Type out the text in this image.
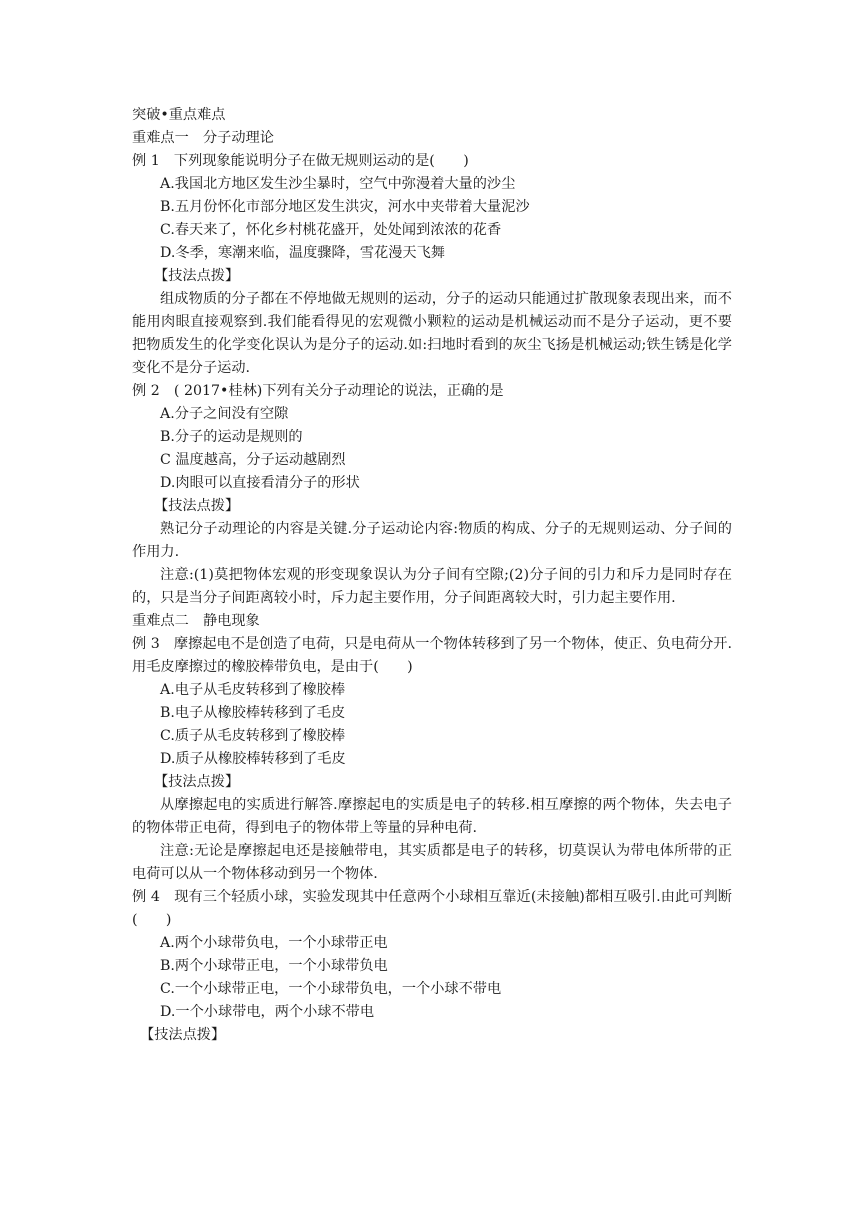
突破•重点难点
重难点一　分子动理论
例 1　下列现象能说明分子在做无规则运动的是(　　)
A.我国北方地区发生沙尘暴时，空气中弥漫着大量的沙尘
B.五月份怀化市部分地区发生洪灾，河水中夹带着大量泥沙
C.春天来了，怀化乡村桃花盛开，处处闻到浓浓的花香
D.冬季，寒潮来临，温度骤降，雪花漫天飞舞
【技法点拨】
组成物质的分子都在不停地做无规则的运动，分子的运动只能通过扩散现象表现出来，而不能用肉眼直接观察到.我们能看得见的宏观微小颗粒的运动是机械运动而不是分子运动，更不要把物质发生的化学变化误认为是分子的运动.如:扫地时看到的灰尘飞扬是机械运动;铁生锈是化学变化不是分子运动.
例 2　( 2017•桂林)下列有关分子动理论的说法，正确的是
A.分子之间没有空隙
B.分子的运动是规则的
C 温度越高，分子运动越剧烈
D.肉眼可以直接看清分子的形状
【技法点拨】
熟记分子动理论的内容是关键.分子运动论内容:物质的构成、分子的无规则运动、分子间的作用力.
注意:(1)莫把物体宏观的形变现象误认为分子间有空隙;(2)分子间的引力和斥力是同时存在的，只是当分子间距离较小时，斥力起主要作用，分子间距离较大时，引力起主要作用.
重难点二　静电现象
例 3　摩擦起电不是创造了电荷，只是电荷从一个物体转移到了另一个物体，使正、负电荷分开.用毛皮摩擦过的橡胶棒带负电，是由于(　　)
A.电子从毛皮转移到了橡胶棒
B.电子从橡胶棒转移到了毛皮
C.质子从毛皮转移到了橡胶棒
D.质子从橡胶棒转移到了毛皮
【技法点拨】
从摩擦起电的实质进行解答.摩擦起电的实质是电子的转移.相互摩擦的两个物体，失去电子的物体带正电荷，得到电子的物体带上等量的异种电荷.
注意:无论是摩擦起电还是接触带电，其实质都是电子的转移，切莫误认为带电体所带的正电荷可以从一个物体移动到另一个物体.
例 4　现有三个轻质小球，实验发现其中任意两个小球相互靠近(未接触)都相互吸引.由此可判断(　　)
A.两个小球带负电，一个小球带正电
B.两个小球带正电，一个小球带负电
C.一个小球带正电，一个小球带负电，一个小球不带电
D.一个小球带电，两个小球不带电
【技法点拨】
